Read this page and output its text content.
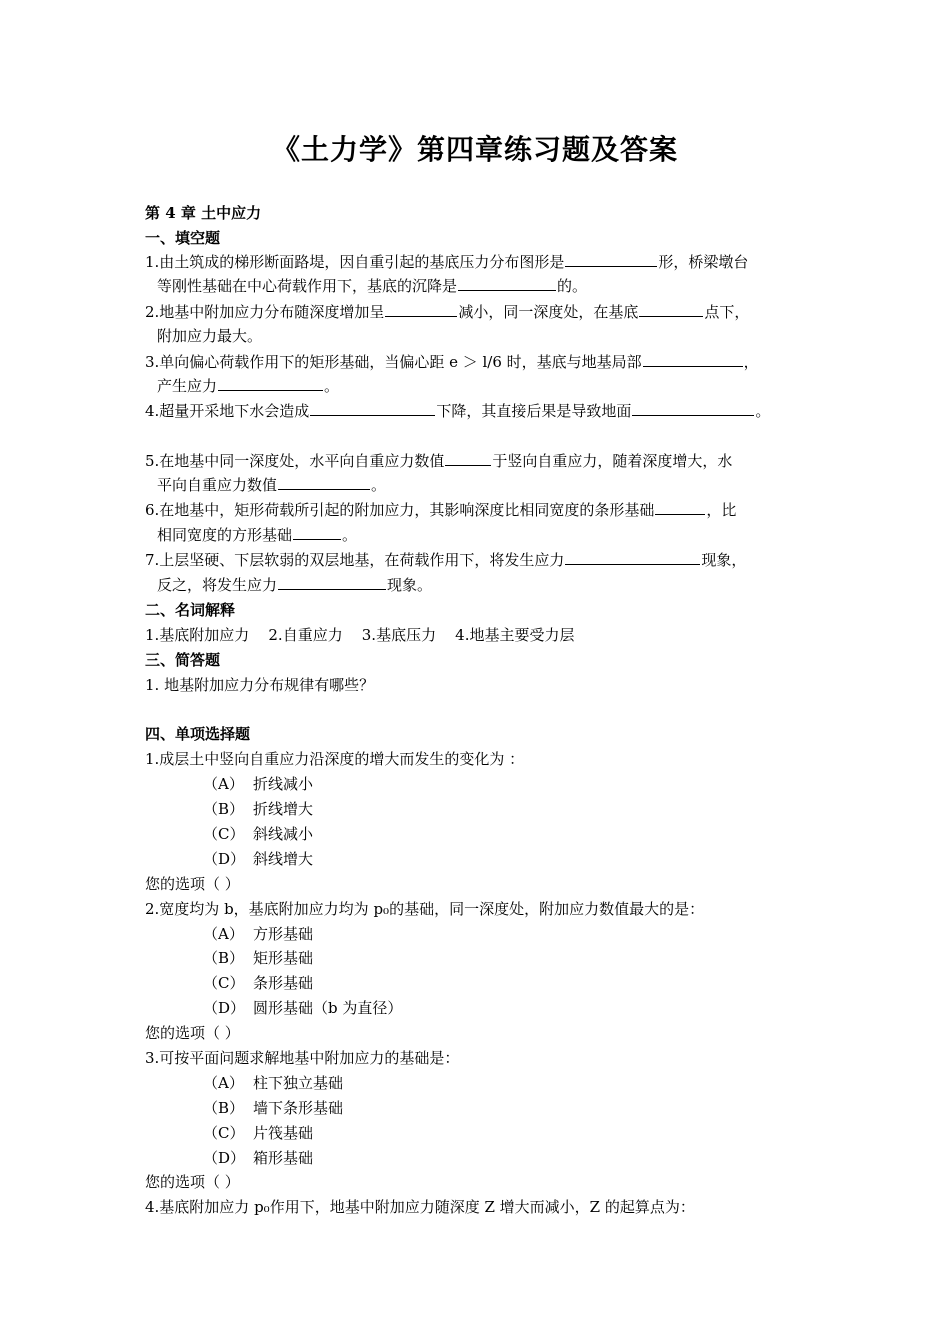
《土力学》第四章练习题及答案
第 4 章 土中应力
一、填空题
1.由土筑成的梯形断面路堤，因自重引起的基底压力分布图形是	形，桥梁墩台
等刚性基础在中心荷载作用下，基底的沉降是	的。
2.地基中附加应力分布随深度增加呈	减小，同一深度处，在基底	点下，
附加应力最大。
3.单向偏心荷载作用下的矩形基础，当偏心距 e ＞ l/6 时，基底与地基局部	，
产生应力	。
4.超量开采地下水会造成	下降，其直接后果是导致地面	。
5.在地基中同一深度处，水平向自重应力数值	于竖向自重应力，随着深度增大，水
平向自重应力数值	。
6.在地基中，矩形荷载所引起的附加应力，其影响深度比相同宽度的条形基础	，比
相同宽度的方形基础	。
7.上层坚硬、下层软弱的双层地基，在荷载作用下，将发生应力	现象，
反之，将发生应力	现象。
二、名词解释
1.基底附加应力    2.自重应力    3.基底压力    4.地基主要受力层
三、简答题
1. 地基附加应力分布规律有哪些？
四、单项选择题
1.成层土中竖向自重应力沿深度的增大而发生的变化为 ：
（A） 折线减小
（B） 折线增大
（C） 斜线减小
（D） 斜线增大
您的选项（ ）
2.宽度均为 b，基底附加应力均为 p₀的基础，同一深度处，附加应力数值最大的是：
（A） 方形基础
（B） 矩形基础
（C） 条形基础
（D） 圆形基础（b 为直径）
您的选项（ ）
3.可按平面问题求解地基中附加应力的基础是：
（A） 柱下独立基础
（B） 墙下条形基础
（C） 片筏基础
（D） 箱形基础
您的选项（ ）
4.基底附加应力 p₀作用下，地基中附加应力随深度 Z 增大而减小，Z 的起算点为：
